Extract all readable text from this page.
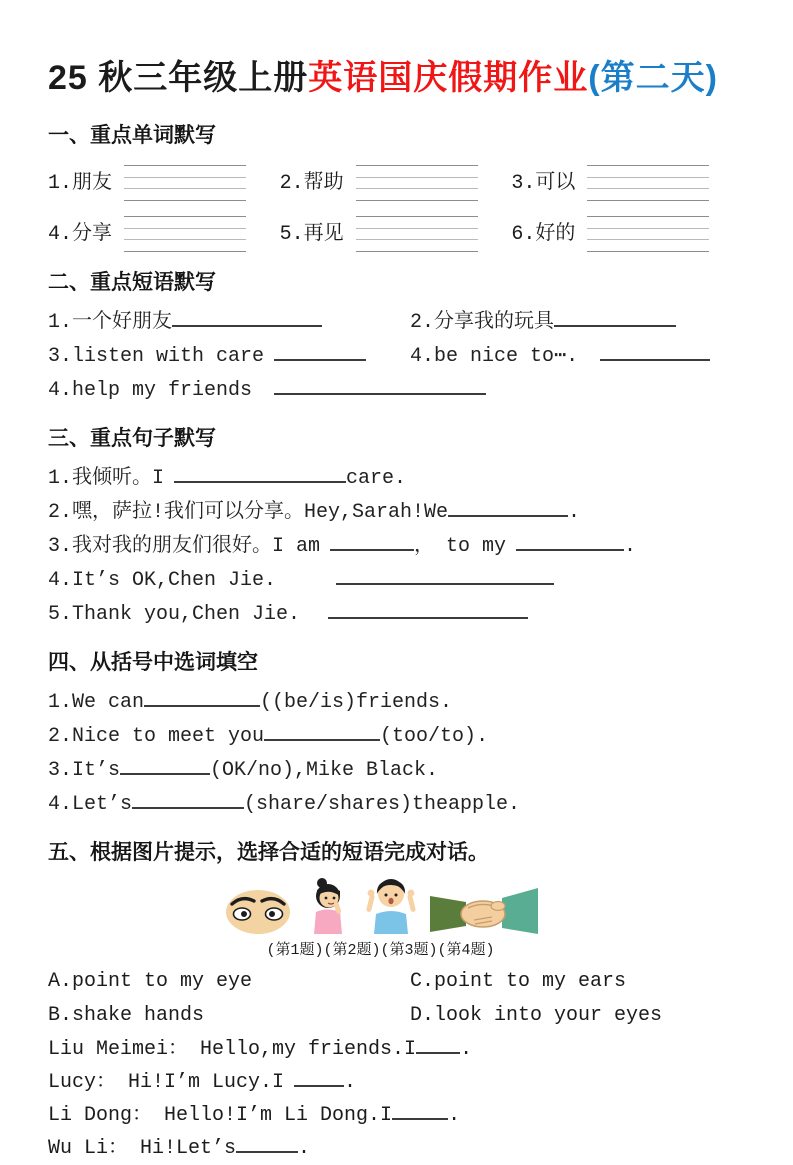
25 秋三年级上册英语国庆假期作业(第二天)
一、重点单词默写
1.朋友	2.帮助	3.可以
4.分享	5.再见	6.好的
二、重点短语默写
1.一个好朋友	2.分享我的玩具
3.listen with care	4.be nice to⋯.
4.help my friends
三、重点句子默写
1.我倾听。I	care.
2.嘿，萨拉!我们可以分享。Hey,Sarah!We	.
3.我对我的朋友们很好。I am	， to my	.
4.It’s OK,Chen Jie.
5.Thank you,Chen Jie.
四、从括号中选词填空
1.We can	((be/is)friends.
2.Nice to meet you	(too/to).
3.It’s	(OK/no),Mike Black.
4.Let’s	(share/shares)theapple.
五、根据图片提示，选择合适的短语完成对话。
(第1题)(第2题)(第3题)(第4题)
A.point to my eye	C.point to my ears
B.shake hands	D.look into your eyes
Liu Meimei： Hello,my friends.I .
Lucy： Hi!I’m Lucy.I	.
Li Dong： Hello!I’m Li Dong.I	.
Wu Li： Hi!Let’s	.
